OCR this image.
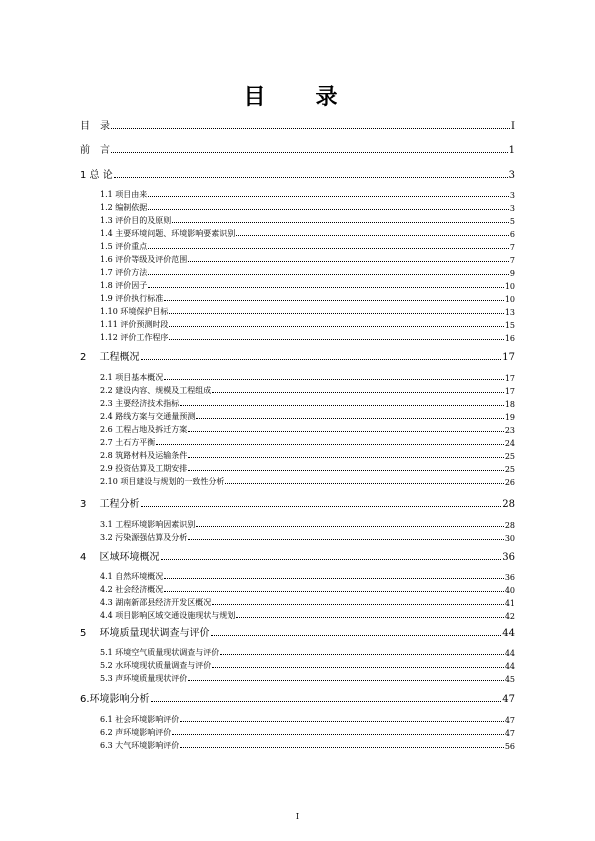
目　录
目　录	I
前　言	1
1 总 论	3
1.1 项目由来	3
1.2 编制依据	3
1.3 评价目的及原则	5
1.4 主要环境问题、环境影响要素识别	6
1.5 评价重点	7
1.6 评价等级及评价范围	7
1.7 评价方法	9
1.8 评价因子	10
1.9 评价执行标准	10
1.10 环境保护目标	13
1.11 评价预测时段	15
1.12 评价工作程序	16
2　 工程概况	17
2.1 项目基本概况	17
2.2 建设内容、规模及工程组成	17
2.3 主要经济技术指标	18
2.4 路线方案与交通量预测	19
2.6 工程占地及拆迁方案	23
2.7 土石方平衡	24
2.8 筑路材料及运输条件	25
2.9 投资估算及工期安排	25
2.10 项目建设与规划的一致性分析	26
3　 工程分析	28
3.1 工程环境影响因素识别	28
3.2 污染源强估算及分析	30
4　 区域环境概况	36
4.1 自然环境概况	36
4.2 社会经济概况	40
4.3 湖南新邵县经济开发区概况	41
4.4 项目影响区域交通设施现状与规划	42
5　 环境质量现状调查与评价	44
5.1 环境空气质量现状调查与评价	44
5.2 水环境现状质量调查与评价	44
5.3 声环境质量现状评价	45
6.环境影响分析	47
6.1 社会环境影响评价	47
6.2 声环境影响评价	47
6.3 大气环境影响评价	56
I
